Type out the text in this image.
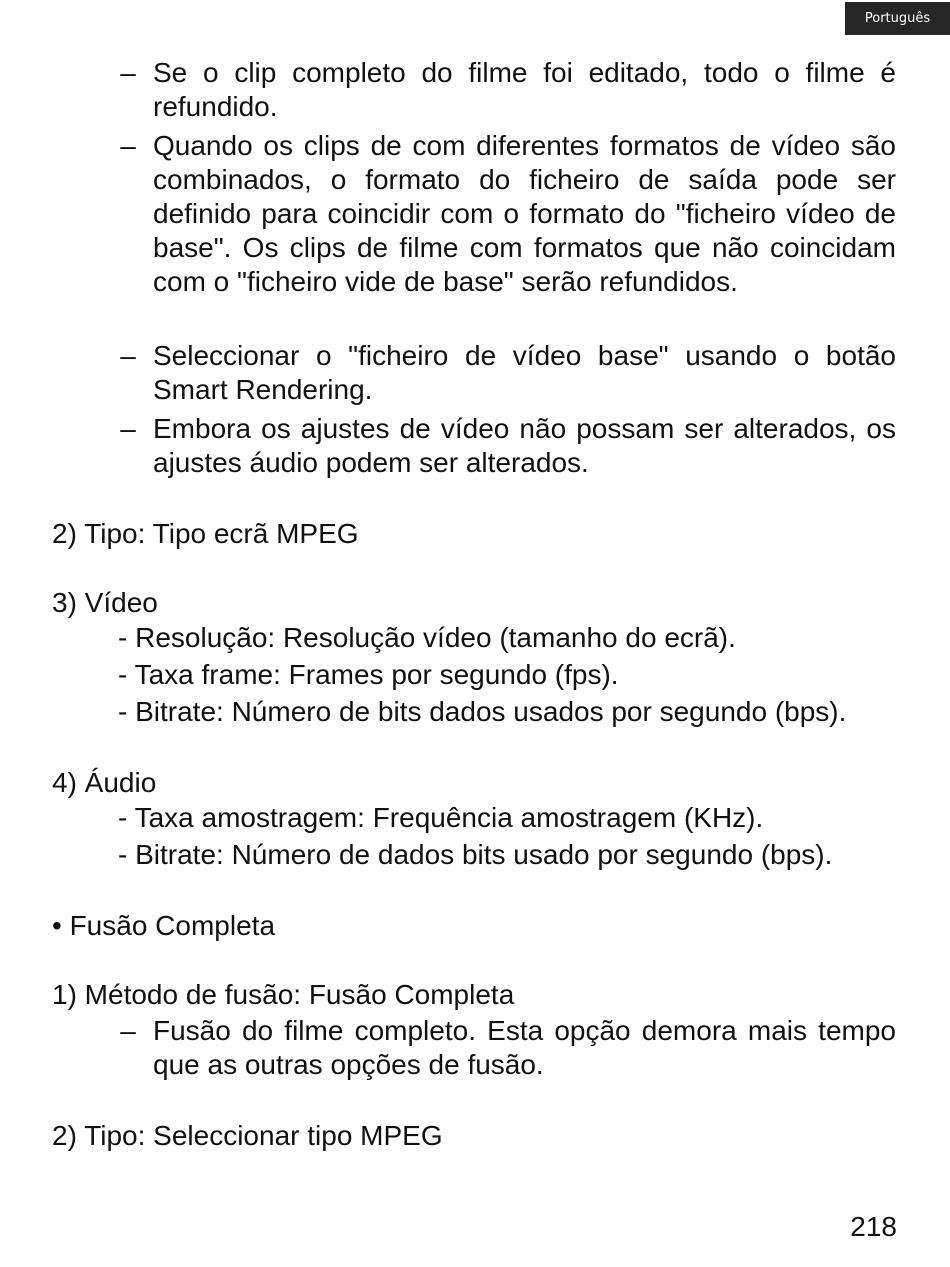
Português
– Se o clip completo do filme foi editado, todo o filme é refundido.
– Quando os clips de com diferentes formatos de vídeo são combinados, o formato do ficheiro de saída pode ser definido para coincidir com o formato do "ficheiro vídeo de base". Os clips de filme com formatos que não coincidam com o "ficheiro vide de base" serão refundidos.
– Seleccionar o "ficheiro de vídeo base" usando o botão Smart Rendering.
– Embora os ajustes de vídeo não possam ser alterados, os ajustes áudio podem ser alterados.
2) Tipo: Tipo ecrã MPEG
3) Vídeo
- Resolução: Resolução vídeo (tamanho do ecrã).
- Taxa frame: Frames por segundo (fps).
- Bitrate: Número de bits dados usados por segundo (bps).
4) Áudio
- Taxa amostragem: Frequência amostragem (KHz).
- Bitrate: Número de dados bits usado por segundo (bps).
• Fusão Completa
1) Método de fusão: Fusão Completa
– Fusão do filme completo. Esta opção demora mais tempo que as outras opções de fusão.
2) Tipo: Seleccionar tipo MPEG
218
